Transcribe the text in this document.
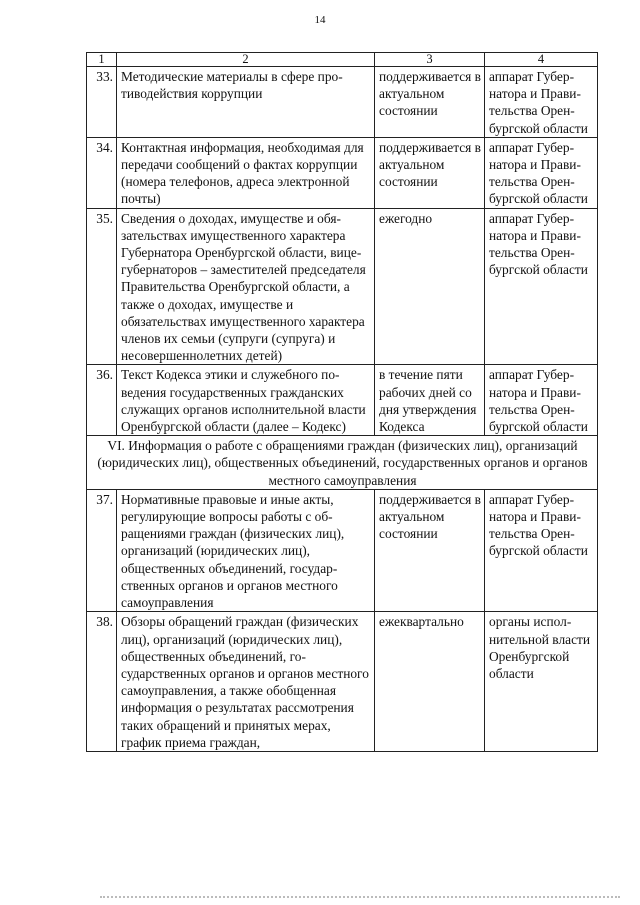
14
1	2	3	4
33.	Методические материалы в сфере противодействия коррупции	поддерживается в актуальном состоянии	аппарат Губернатора и Правительства Оренбургской области
34.	Контактная информация, необходимая для передачи сообщений о фактах коррупции (номера телефонов, адреса электронной почты)	поддерживается в актуальном состоянии	аппарат Губернатора и Правительства Оренбургской области
35.	Сведения о доходах, имуществе и обязательствах имущественного характера Губернатора Оренбургской области, вице-губернаторов – заместителей председателя Правительства Оренбургской области, а также о доходах, имуществе и обязательствах имущественного характера членов их семьи (супруги (супруга) и несовершеннолетних детей)	ежегодно	аппарат Губернатора и Правительства Оренбургской области
36.	Текст Кодекса этики и служебного поведения государственных гражданских служащих органов исполнительной власти Оренбургской области (далее – Кодекс)	в течение пяти рабочих дней со дня утверждения Кодекса	аппарат Губернатора и Правительства Оренбургской области
VI. Информация о работе с обращениями граждан (физических лиц), организаций (юридических лиц), общественных объединений, государственных органов и органов местного самоуправления			
37.	Нормативные правовые и иные акты, регулирующие вопросы работы с обращениями граждан (физических лиц), организаций (юридических лиц), общественных объединений, государственных органов и органов местного самоуправления	поддерживается в актуальном состоянии	аппарат Губернатора и Правительства Оренбургской области
38.	Обзоры обращений граждан (физических лиц), организаций (юридических лиц), общественных объединений, государственных органов и органов местного самоуправления, а также обобщенная информация о результатах рассмотрения таких обращений и принятых мерах, график приема граждан,	ежеквартально	органы исполнительной власти Оренбургской области
